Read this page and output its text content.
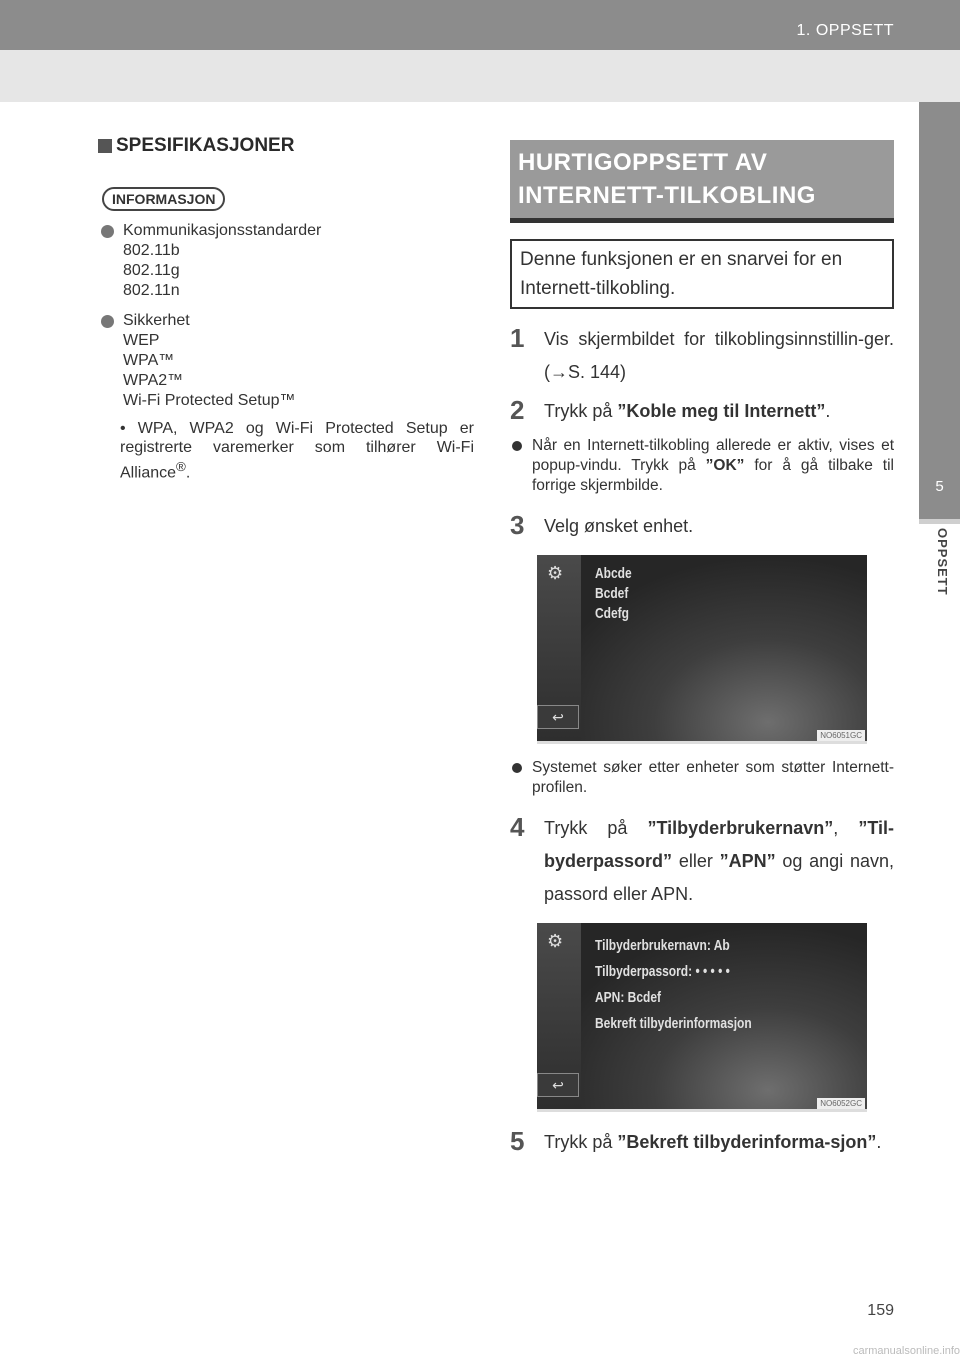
1. OPPSETT
5
OPPSETT
SPESIFIKASJONER
INFORMASJON
Kommunikasjonsstandarder
802.11b
802.11g
802.11n
Sikkerhet
WEP
WPA™
WPA2™
Wi-Fi Protected Setup™
• WPA, WPA2 og Wi-Fi Protected Setup er registrerte varemerker som tilhører Wi-Fi Alliance®.
HURTIGOPPSETT AV
INTERNETT-TILKOBLING
Denne funksjonen er en snarvei for en Internett-tilkobling.
1	Vis skjermbildet for tilkoblingsinnstillin-ger. (→S. 144)
2	Trykk på ”Koble meg til Internett”.
Når en Internett-tilkobling allerede er aktiv, vises et popup-vindu. Trykk på ”OK” for å gå tilbake til forrige skjermbilde.
3	Velg ønsket enhet.
⚙ Abcde
Bcdef
Cdefg
↩
NO6051GC
Systemet søker etter enheter som støtter Internett-profilen.
4	Trykk på ”Tilbyderbrukernavn”, ”Til-byderpassord” eller ”APN” og angi navn, passord eller APN.
⚙ Tilbyderbrukernavn: Ab
Tilbyderpassord: • • • • •
APN: Bcdef
Bekreft tilbyderinformasjon
↩
NO6052GC
5	Trykk på ”Bekreft tilbyderinforma-sjon”.
159
carmanualsonline.info
